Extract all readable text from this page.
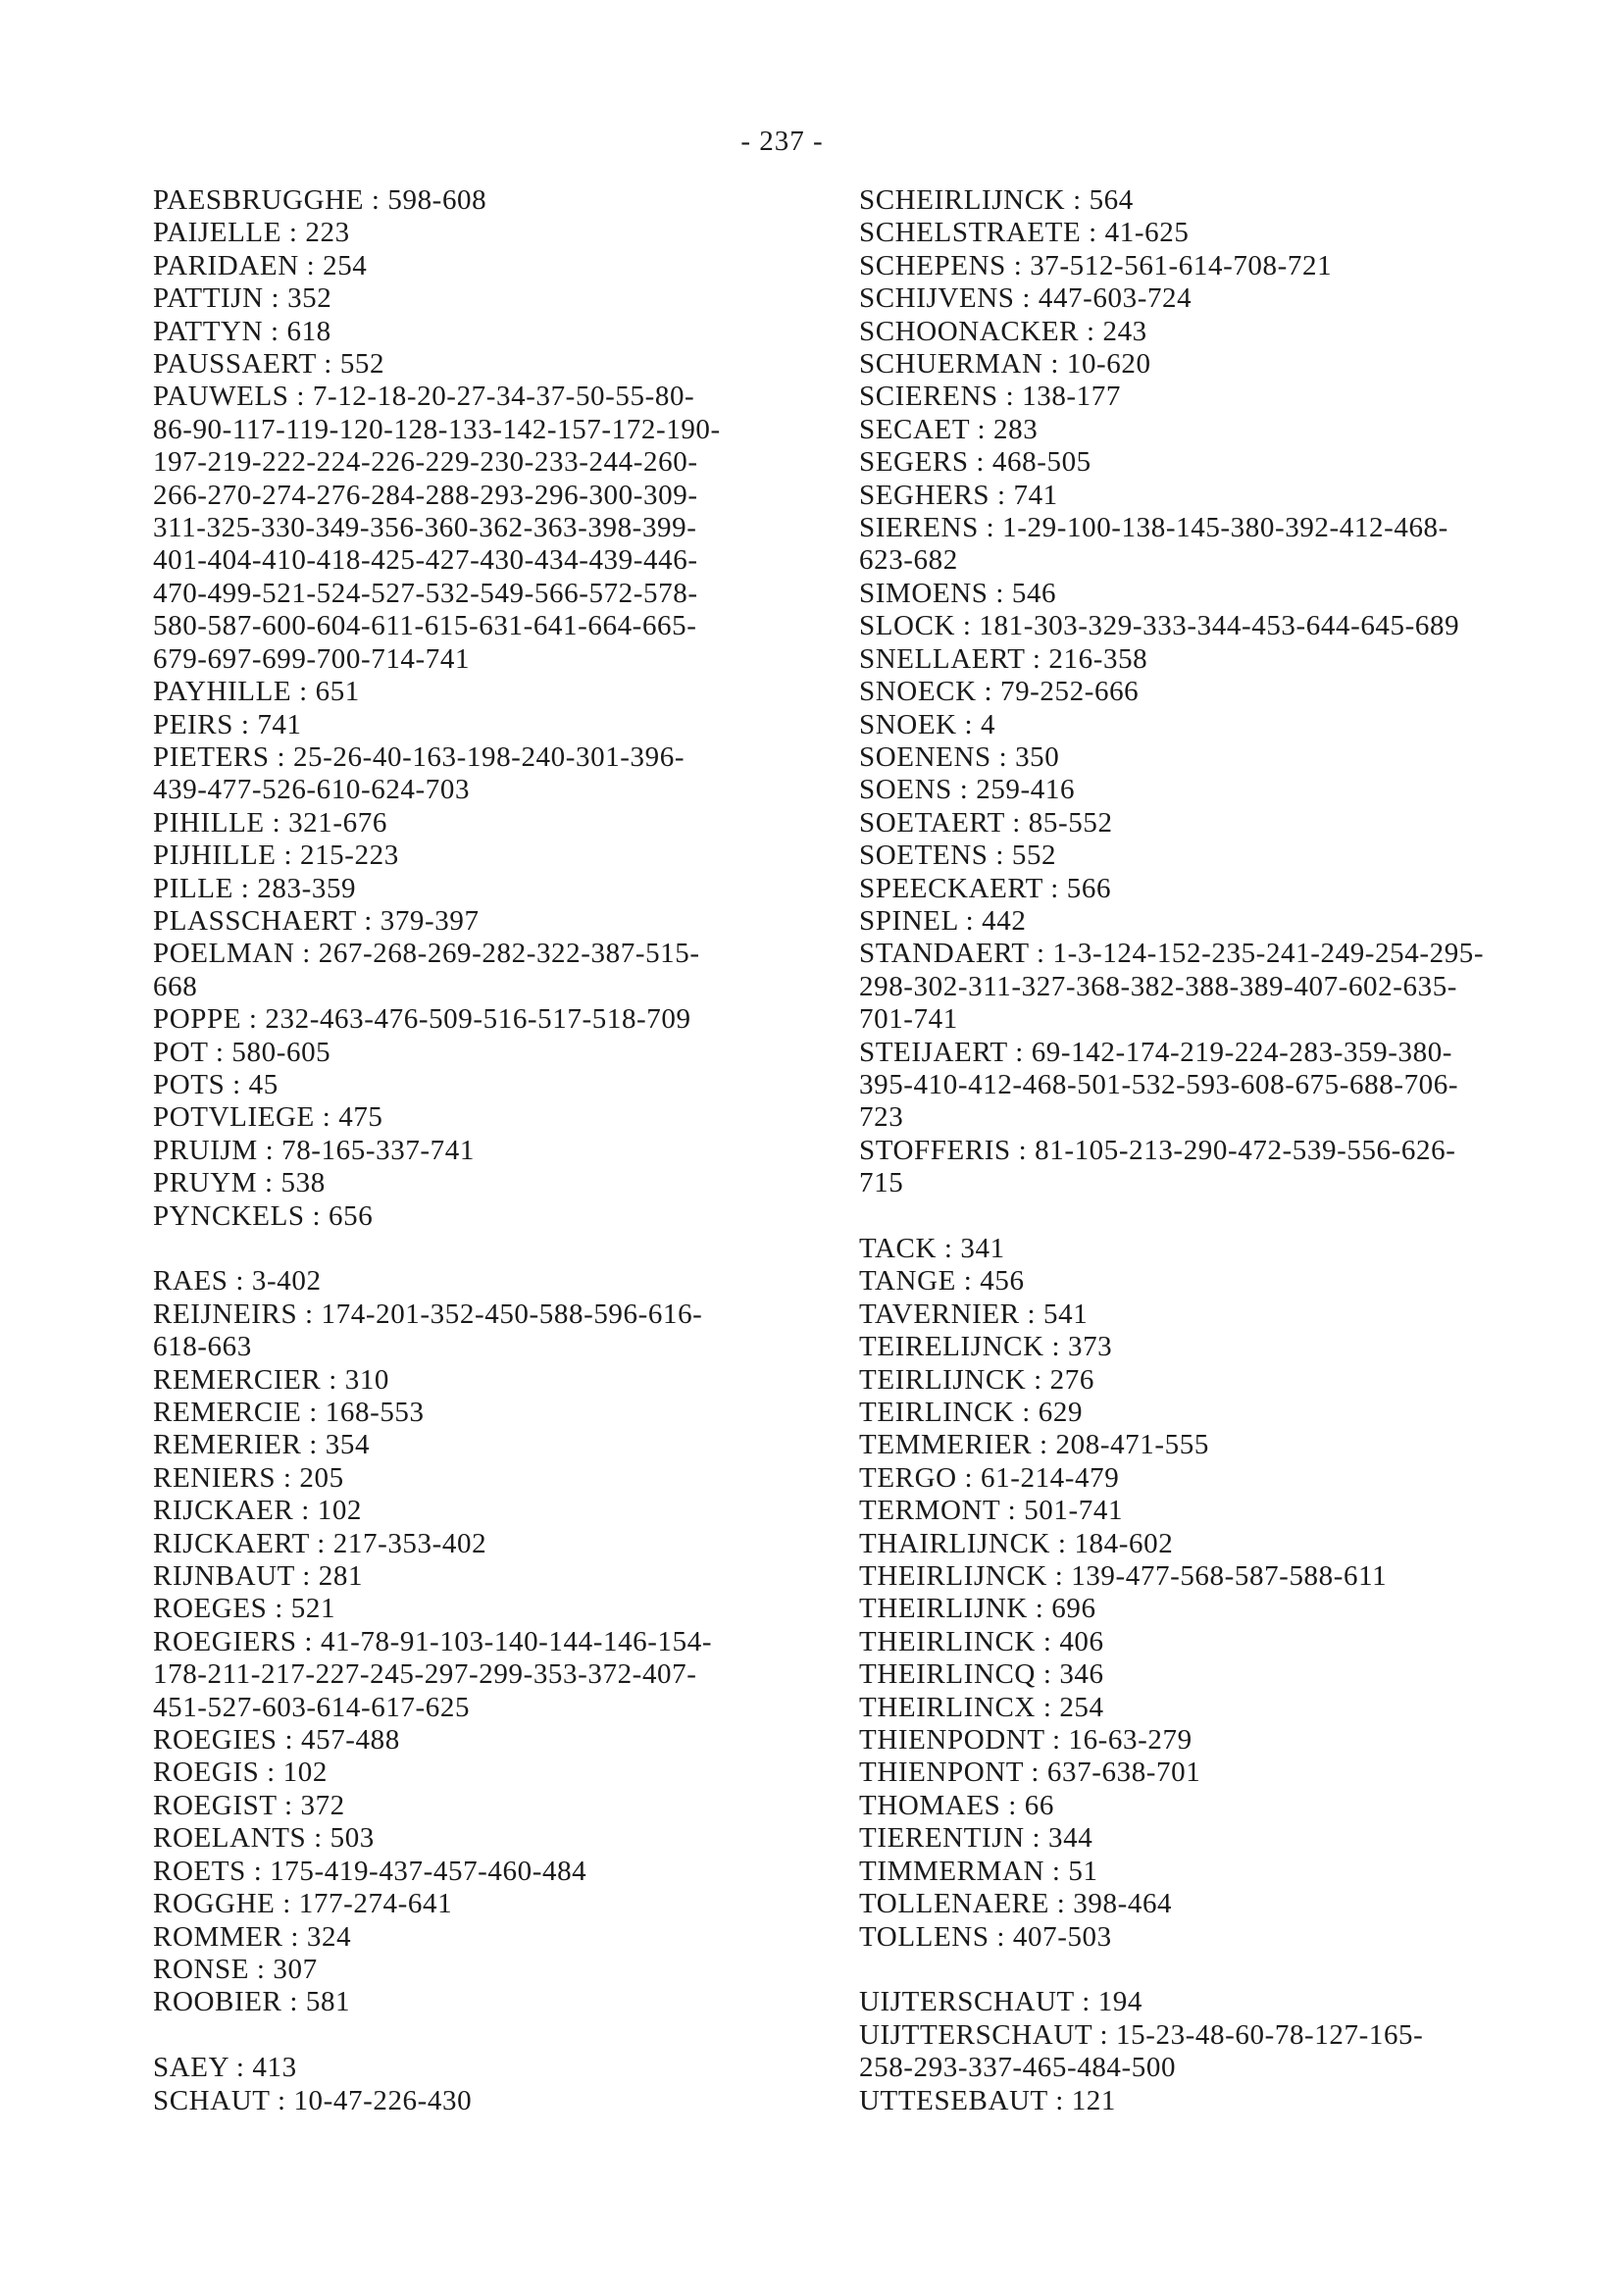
- 237 -
PAESBRUGGHE : 598-608
PAIJELLE : 223
PARIDAEN : 254
PATTIJN : 352
PATTYN : 618
PAUSSAERT : 552
PAUWELS : 7-12-18-20-27-34-37-50-55-80-
86-90-117-119-120-128-133-142-157-172-190-
197-219-222-224-226-229-230-233-244-260-
266-270-274-276-284-288-293-296-300-309-
311-325-330-349-356-360-362-363-398-399-
401-404-410-418-425-427-430-434-439-446-
470-499-521-524-527-532-549-566-572-578-
580-587-600-604-611-615-631-641-664-665-
679-697-699-700-714-741
PAYHILLE : 651
PEIRS : 741
PIETERS : 25-26-40-163-198-240-301-396-
439-477-526-610-624-703
PIHILLE : 321-676
PIJHILLE : 215-223
PILLE : 283-359
PLASSCHAERT : 379-397
POELMAN : 267-268-269-282-322-387-515-
668
POPPE : 232-463-476-509-516-517-518-709
POT : 580-605
POTS : 45
POTVLIEGE : 475
PRUIJM : 78-165-337-741
PRUYM : 538
PYNCKELS : 656
RAES : 3-402
REIJNEIRS : 174-201-352-450-588-596-616-
618-663
REMERCIER : 310
REMERCIE : 168-553
REMERIER : 354
RENIERS : 205
RIJCKAER : 102
RIJCKAERT : 217-353-402
RIJNBAUT : 281
ROEGES : 521
ROEGIERS : 41-78-91-103-140-144-146-154-
178-211-217-227-245-297-299-353-372-407-
451-527-603-614-617-625
ROEGIES : 457-488
ROEGIS : 102
ROEGIST : 372
ROELANTS : 503
ROETS : 175-419-437-457-460-484
ROGGHE : 177-274-641
ROMMER : 324
RONSE : 307
ROOBIER : 581
SAEY : 413
SCHAUT : 10-47-226-430
SCHEIRLIJNCK : 564
SCHELSTRAETE : 41-625
SCHEPENS : 37-512-561-614-708-721
SCHIJVENS : 447-603-724
SCHOONACKER : 243
SCHUERMAN : 10-620
SCIERENS : 138-177
SECAET : 283
SEGERS : 468-505
SEGHERS : 741
SIERENS : 1-29-100-138-145-380-392-412-468-
623-682
SIMOENS : 546
SLOCK : 181-303-329-333-344-453-644-645-689
SNELLAERT : 216-358
SNOECK : 79-252-666
SNOEK : 4
SOENENS : 350
SOENS : 259-416
SOETAERT : 85-552
SOETENS : 552
SPEECKAERT : 566
SPINEL : 442
STANDAERT : 1-3-124-152-235-241-249-254-295-
298-302-311-327-368-382-388-389-407-602-635-
701-741
STEIJAERT : 69-142-174-219-224-283-359-380-
395-410-412-468-501-532-593-608-675-688-706-
723
STOFFERIS : 81-105-213-290-472-539-556-626-
715
TACK : 341
TANGE : 456
TAVERNIER : 541
TEIRELIJNCK : 373
TEIRLIJNCK : 276
TEIRLINCK : 629
TEMMERIER : 208-471-555
TERGO : 61-214-479
TERMONT : 501-741
THAIRLIJNCK : 184-602
THEIRLIJNCK : 139-477-568-587-588-611
THEIRLIJNK : 696
THEIRLINCK : 406
THEIRLINCQ : 346
THEIRLINCX : 254
THIENPODNT : 16-63-279
THIENPONT : 637-638-701
THOMAES : 66
TIERENTIJN : 344
TIMMERMAN : 51
TOLLENAERE : 398-464
TOLLENS : 407-503
UIJTERSCHAUT : 194
UIJTTERSCHAUT : 15-23-48-60-78-127-165-
258-293-337-465-484-500
UTTESEBAUT : 121
